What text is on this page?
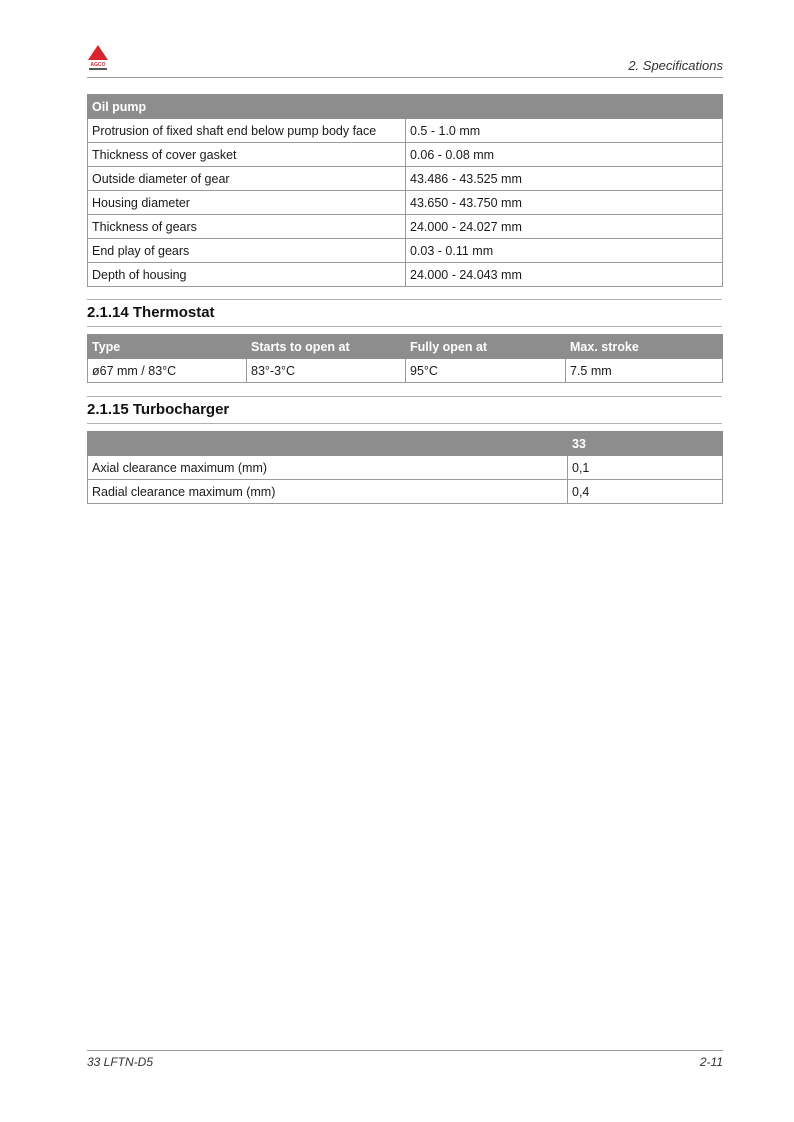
AGCO	2. Specifications
Oil pump	
Protrusion of fixed shaft end below pump body face	0.5 - 1.0 mm
Thickness of cover gasket	0.06 - 0.08 mm
Outside diameter of gear	43.486 - 43.525 mm
Housing diameter	43.650 - 43.750 mm
Thickness of gears	24.000 - 24.027 mm
End play of gears	0.03 - 0.11 mm
Depth of housing	24.000 - 24.043 mm
2.1.14 Thermostat
Type	Starts to open at	Fully open at	Max. stroke
ø67 mm / 83°C	83°-3°C	95°C	7.5 mm
2.1.15 Turbocharger
	33
Axial clearance maximum (mm)	0,1
Radial clearance maximum (mm)	0,4
33 LFTN-D5	2-11
